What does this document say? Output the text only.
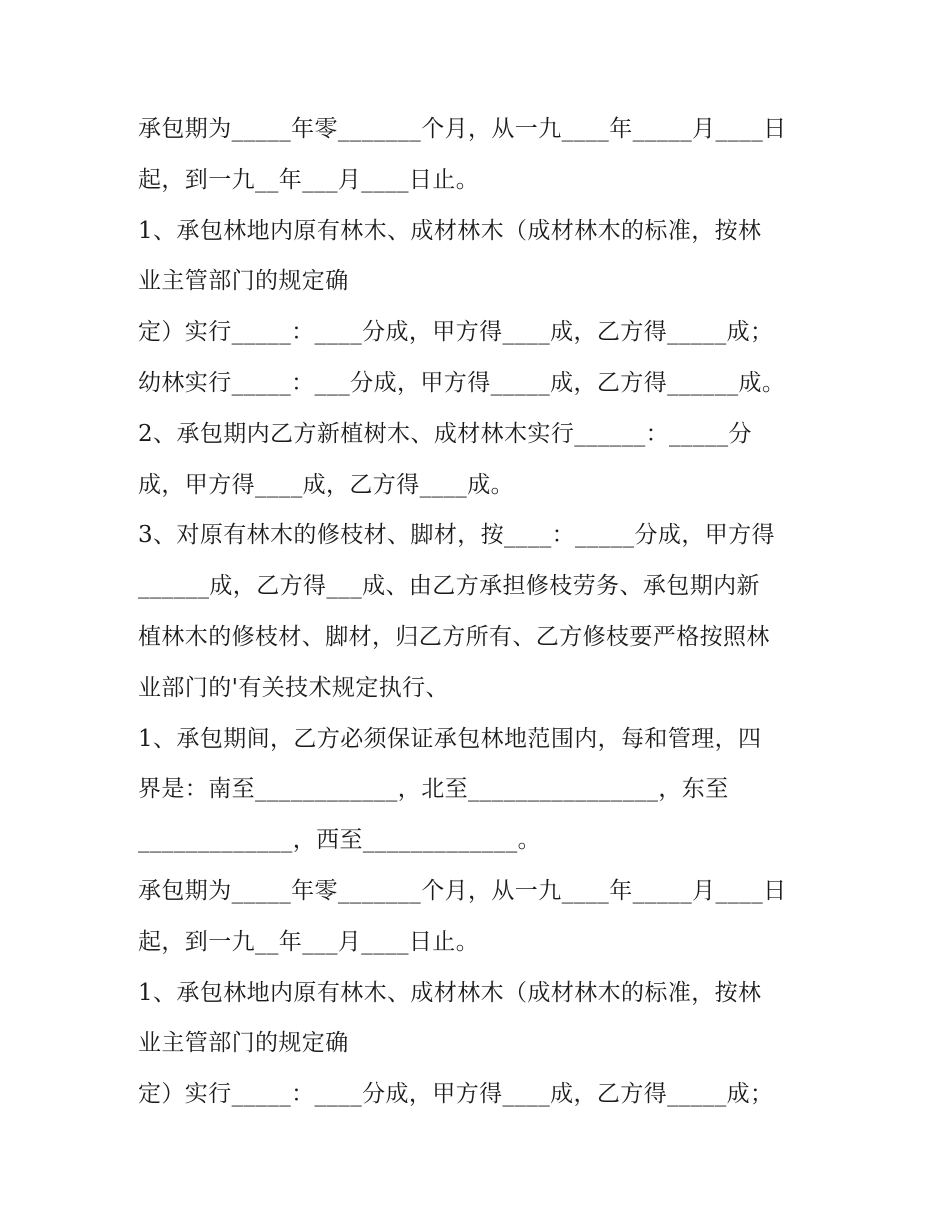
承包期为_____年零_______个月，从一九____年_____月____日
起，到一九__年___月____日止。
1、承包林地内原有林木、成材林木（成材林木的标准，按林
业主管部门的规定确
定）实行_____：____分成，甲方得____成，乙方得_____成；
幼林实行_____：___分成，甲方得_____成，乙方得______成。
2、承包期内乙方新植树木、成材林木实行______：_____分
成，甲方得____成，乙方得____成。
3、对原有林木的修枝材、脚材，按____：_____分成，甲方得
______成，乙方得___成、由乙方承担修枝劳务、承包期内新
植林木的修枝材、脚材，归乙方所有、乙方修枝要严格按照林
业部门的'有关技术规定执行、
1、承包期间，乙方必须保证承包林地范围内，每和管理，四
界是：南至____________，北至________________，东至
_____________，西至_____________。
承包期为_____年零_______个月，从一九____年_____月____日
起，到一九__年___月____日止。
1、承包林地内原有林木、成材林木（成材林木的标准，按林
业主管部门的规定确
定）实行_____：____分成，甲方得____成，乙方得_____成；
